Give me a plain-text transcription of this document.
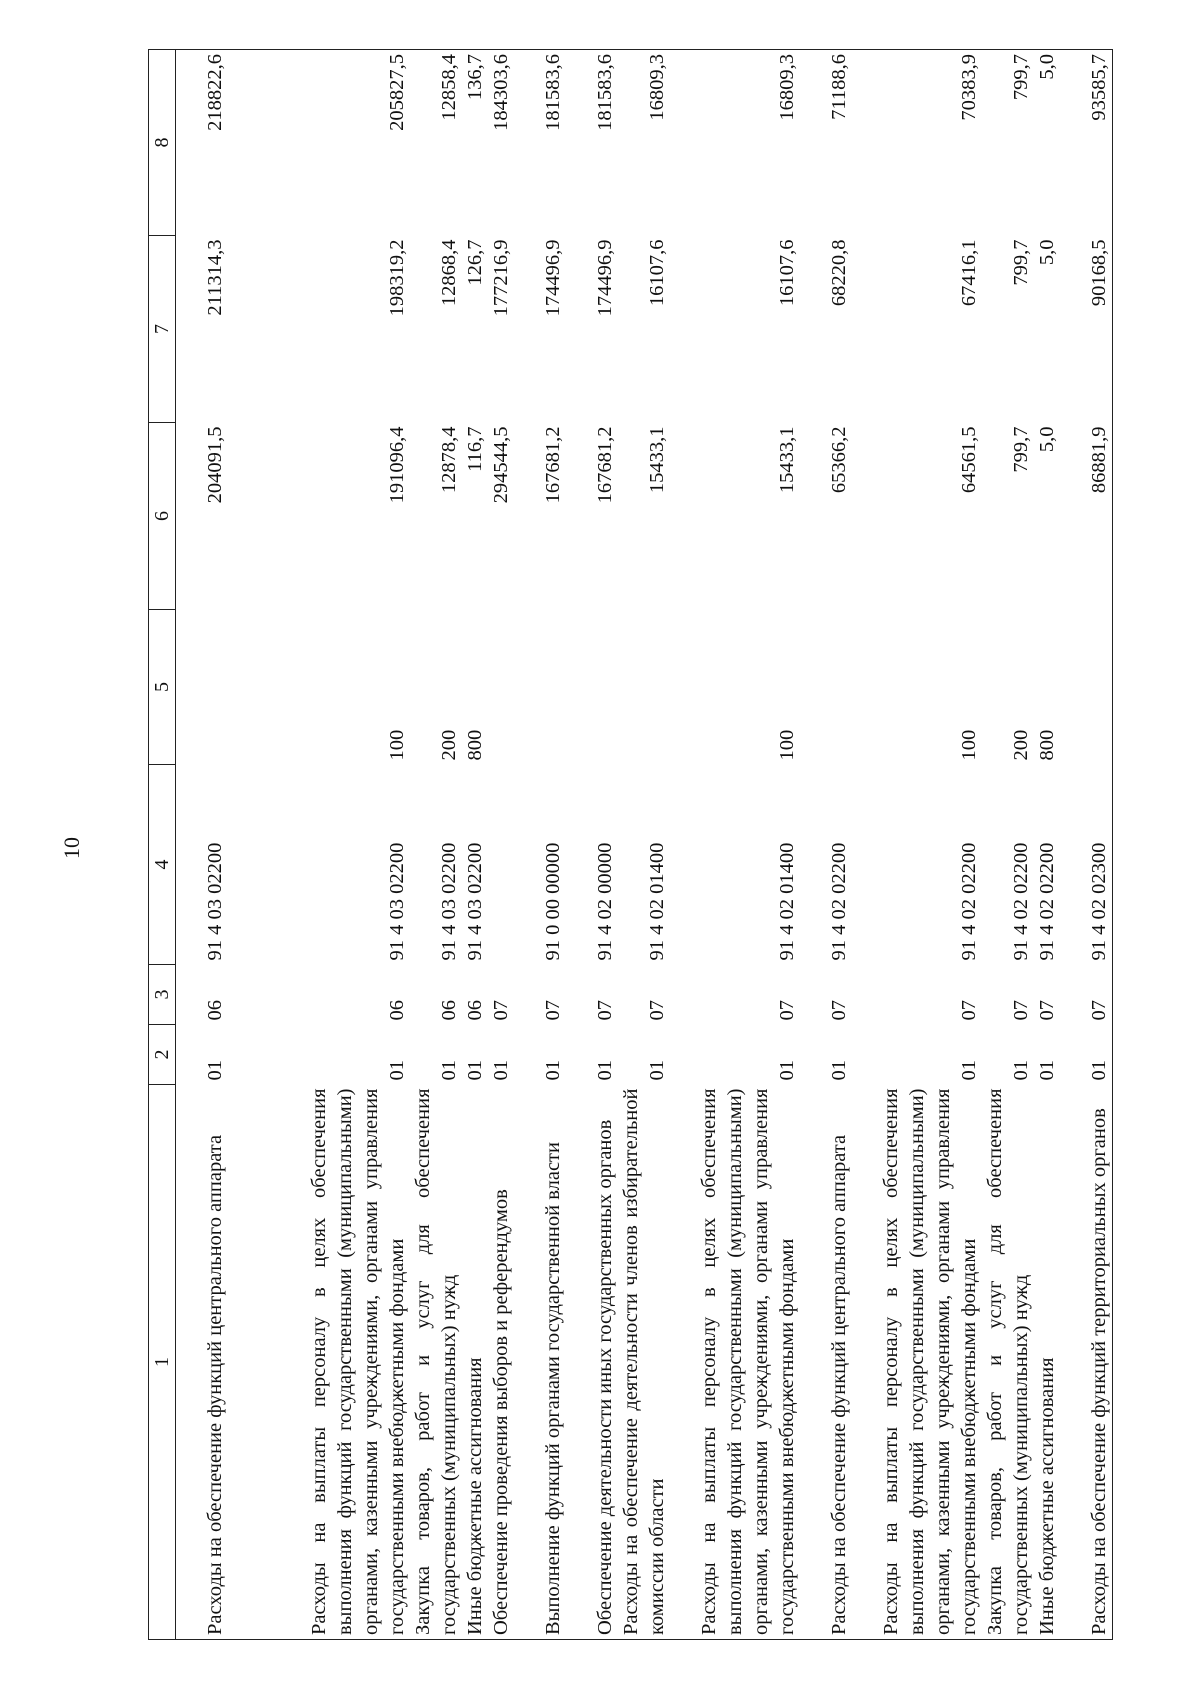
10
1	2	3	4	5	6	7	8
Расходы на обеспечение функций центрального аппарата	01	06	91 4 03 02200		204091,5	211314,3	218822,6
Расходы на выплаты персоналу в целях обеспечения выполнения функций государственными (муниципальными) органами, казенными учреждениями, органами управления государственными внебюджетными фондами	01	06	91 4 03 02200	100	191096,4	198319,2	205827,5
Закупка товаров, работ и услуг для обеспечения государственных (муниципальных) нужд	01	06	91 4 03 02200	200	12878,4	12868,4	12858,4
Иные бюджетные ассигнования	01	06	91 4 03 02200	800	116,7	126,7	136,7
Обеспечение проведения выборов и референдумов	01	07			294544,5	177216,9	184303,6
Выполнение функций органами государственной власти	01	07	91 0 00 00000		167681,2	174496,9	181583,6
Обеспечение деятельности иных государственных органов	01	07	91 4 02 00000		167681,2	174496,9	181583,6
Расходы на обеспечение деятельности членов избирательной комиссии области	01	07	91 4 02 01400		15433,1	16107,6	16809,3
Расходы на выплаты персоналу в целях обеспечения выполнения функций государственными (муниципальными) органами, казенными учреждениями, органами управления государственными внебюджетными фондами	01	07	91 4 02 01400	100	15433,1	16107,6	16809,3
Расходы на обеспечение функций центрального аппарата	01	07	91 4 02 02200		65366,2	68220,8	71188,6
Расходы на выплаты персоналу в целях обеспечения выполнения функций государственными (муниципальными) органами, казенными учреждениями, органами управления государственными внебюджетными фондами	01	07	91 4 02 02200	100	64561,5	67416,1	70383,9
Закупка товаров, работ и услуг для обеспечения государственных (муниципальных) нужд	01	07	91 4 02 02200	200	799,7	799,7	799,7
Иные бюджетные ассигнования	01	07	91 4 02 02200	800	5,0	5,0	5,0
Расходы на обеспечение функций территориальных органов	01	07	91 4 02 02300		86881,9	90168,5	93585,7
